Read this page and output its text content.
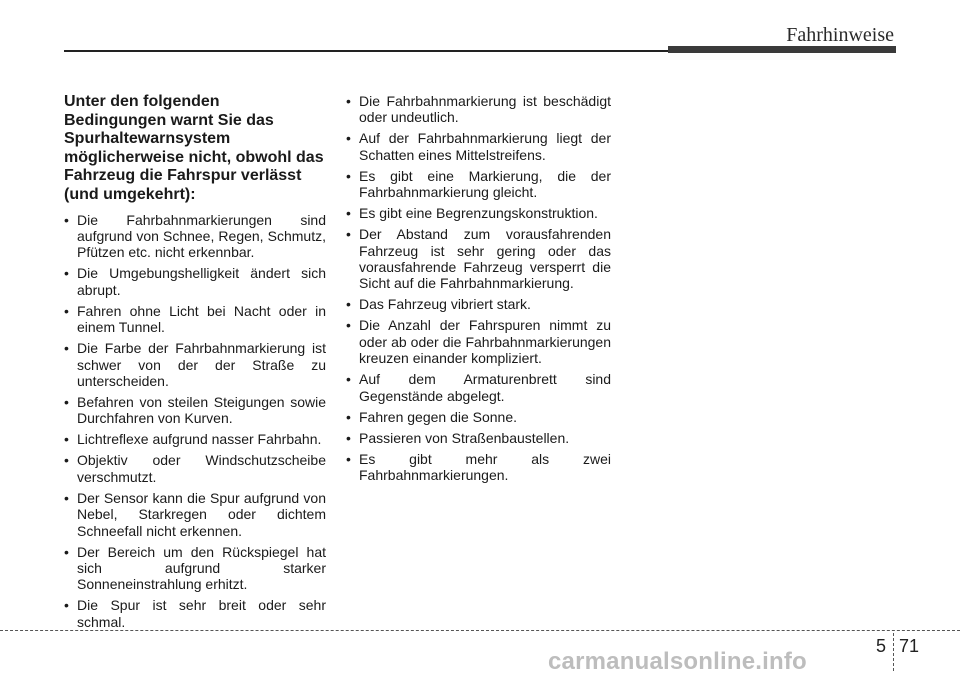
Fahrhinweise
Unter den folgenden Bedingungen warnt Sie das Spurhaltewarnsystem möglicherweise nicht, obwohl das Fahrzeug die Fahrspur verlässt (und umgekehrt):
• Die Fahrbahnmarkierungen sind aufgrund von Schnee, Regen, Schmutz, Pfützen etc. nicht erkennbar.
• Die Umgebungshelligkeit ändert sich abrupt.
• Fahren ohne Licht bei Nacht oder in einem Tunnel.
• Die Farbe der Fahrbahnmarkierung ist schwer von der der Straße zu unterscheiden.
• Befahren von steilen Steigungen sowie Durchfahren von Kurven.
• Lichtreflexe aufgrund nasser Fahrbahn.
• Objektiv oder Windschutzscheibe verschmutzt.
• Der Sensor kann die Spur aufgrund von Nebel, Starkregen oder dichtem Schneefall nicht erkennen.
• Der Bereich um den Rückspiegel hat sich aufgrund starker Sonneneinstrahlung erhitzt.
• Die Spur ist sehr breit oder sehr schmal.
• Die Fahrbahnmarkierung ist beschädigt oder undeutlich.
• Auf der Fahrbahnmarkierung liegt der Schatten eines Mittelstreifens.
• Es gibt eine Markierung, die der Fahrbahnmarkierung gleicht.
• Es gibt eine Begrenzungskonstruktion.
• Der Abstand zum vorausfahrenden Fahrzeug ist sehr gering oder das vorausfahrende Fahrzeug versperrt die Sicht auf die Fahrbahnmarkierung.
• Das Fahrzeug vibriert stark.
• Die Anzahl der Fahrspuren nimmt zu oder ab oder die Fahrbahnmarkierungen kreuzen einander kompliziert.
• Auf dem Armaturenbrett sind Gegenstände abgelegt.
• Fahren gegen die Sonne.
• Passieren von Straßenbaustellen.
• Es gibt mehr als zwei Fahrbahnmarkierungen.
5 71
carmanualsonline.info
